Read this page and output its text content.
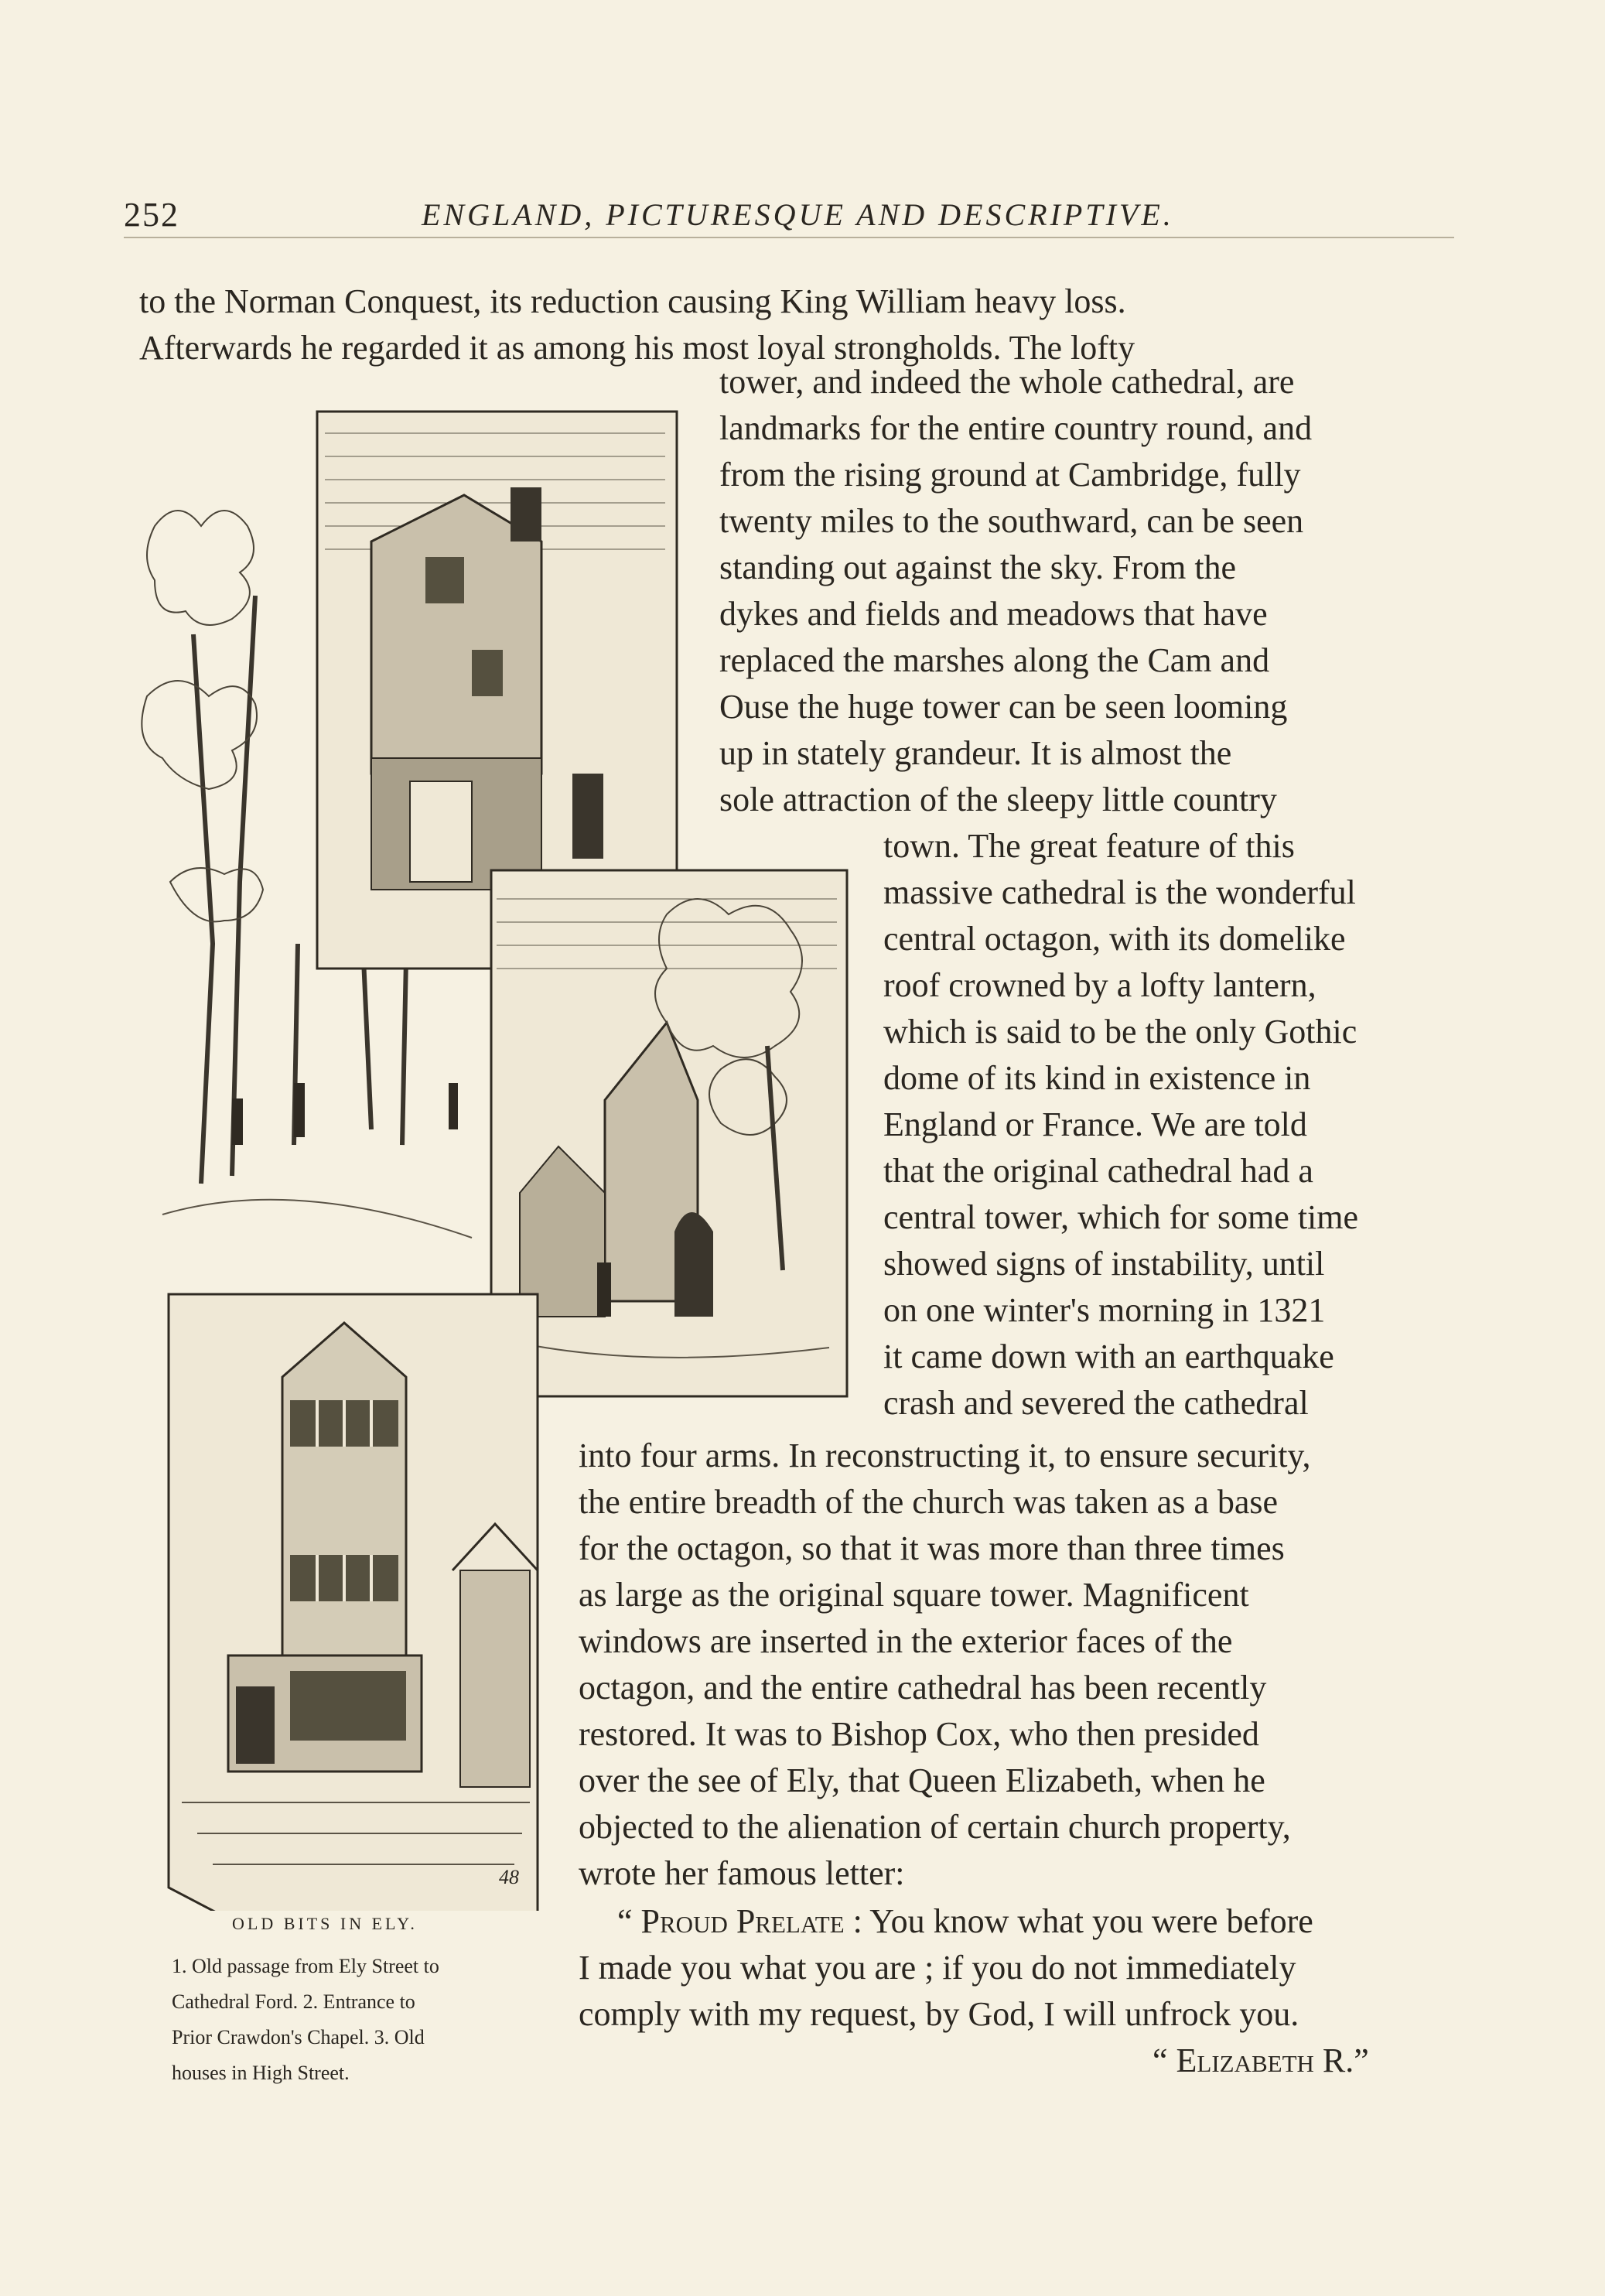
252	ENGLAND, PICTURESQUE AND DESCRIPTIVE.
48
to the Norman Conquest, its reduction causing King William heavy loss.
Afterwards he regarded it as among his most loyal strongholds. The lofty
tower, and indeed the whole cathedral, are
landmarks for the entire country round, and
from the rising ground at Cambridge, fully
twenty miles to the southward, can be seen
standing out against the sky. From the
dykes and fields and meadows that have
replaced the marshes along the Cam and
Ouse the huge tower can be seen looming
up in stately grandeur. It is almost the
sole attraction of the sleepy little country
town. The great feature of this
massive cathedral is the wonderful
central octagon, with its domelike
roof crowned by a lofty lantern,
which is said to be the only Gothic
dome of its kind in existence in
England or France. We are told
that the original cathedral had a
central tower, which for some time
showed signs of instability, until
on one winter's morning in 1321
it came down with an earthquake
crash and severed the cathedral
into four arms. In reconstructing it, to ensure security,
the entire breadth of the church was taken as a base
for the octagon, so that it was more than three times
as large as the original square tower. Magnificent
windows are inserted in the exterior faces of the
octagon, and the entire cathedral has been recently
restored. It was to Bishop Cox, who then presided
over the see of Ely, that Queen Elizabeth, when he
objected to the alienation of certain church property,
wrote her famous letter:
“ Proud Prelate : You know what you were before
I made you what you are ; if you do not immediately
comply with my request, by God, I will unfrock you.
“ Elizabeth R.”
OLD BITS IN ELY.
1. Old passage from Ely Street to
Cathedral Ford. 2. Entrance to
Prior Crawdon's Chapel. 3. Old
houses in High Street.
